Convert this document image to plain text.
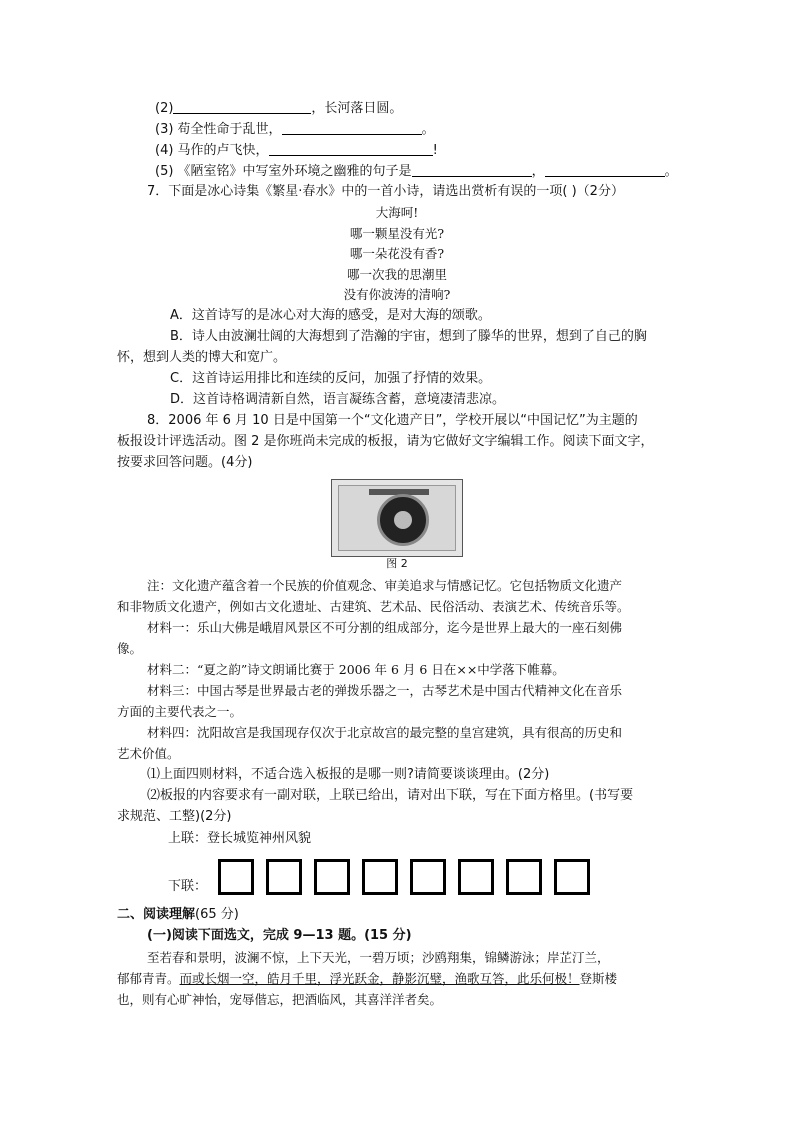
(2)	，长河落日圆。
(3) 苟全性命于乱世，	。
(4) 马作的卢飞快，	!
(5) 《陋室铭》中写室外环境之幽雅的句子是	，	。
7．下面是冰心诗集《繁星·春水》中的一首小诗，请选出赏析有误的一项( )（2分）
大海呵!
哪一颗星没有光?
哪一朵花没有香?
哪一次我的思潮里
没有你波涛的清响?
A．这首诗写的是冰心对大海的感受，是对大海的颂歌。
B．诗人由波澜壮阔的大海想到了浩瀚的宇宙，想到了滕华的世界，想到了自己的胸
怀，想到人类的博大和宽广。
C．这首诗运用排比和连续的反问，加强了抒情的效果。
D．这首诗格调清新自然，语言凝练含蓄，意境凄清悲凉。
8．2006 年 6 月 10 日是中国第一个“文化遗产日”，学校开展以“中国记忆”为主题的
板报设计评选活动。图 2 是你班尚未完成的板报，请为它做好文字编辑工作。阅读下面文字，
按要求回答问题。(4分)
图 2
注：文化遗产蕴含着一个民族的价值观念、审美追求与情感记忆。它包括物质文化遗产
和非物质文化遗产，例如古文化遗址、古建筑、艺术品、民俗活动、表演艺术、传统音乐等。
材料一：乐山大佛是峨眉风景区不可分割的组成部分，迄今是世界上最大的一座石刻佛
像。
材料二：“夏之韵”诗文朗诵比赛于 2006 年 6 月 6 日在××中学落下帷幕。
材料三：中国古琴是世界最古老的弹拨乐器之一，古琴艺术是中国古代精神文化在音乐
方面的主要代表之一。
材料四：沈阳故宫是我国现存仅次于北京故宫的最完整的皇宫建筑，具有很高的历史和
艺术价值。
⑴上面四则材料，不适合选入板报的是哪一则?请简要谈谈理由。(2分)
⑵板报的内容要求有一副对联，上联已给出，请对出下联，写在下面方格里。(书写要
求规范、工整)(2分)
上联：登长城览神州风貌
下联：
二、阅读理解(65 分)
(一)阅读下面选文，完成 9—13 题。(15 分)
至若春和景明，波澜不惊，上下天光，一碧万顷；沙鸥翔集，锦鳞游泳；岸芷汀兰，
郁郁青青。而或长烟一空，皓月千里，浮光跃金，静影沉璧，渔歌互答，此乐何极！登斯楼
也，则有心旷神怡，宠辱偕忘，把酒临风，其喜洋洋者矣。
